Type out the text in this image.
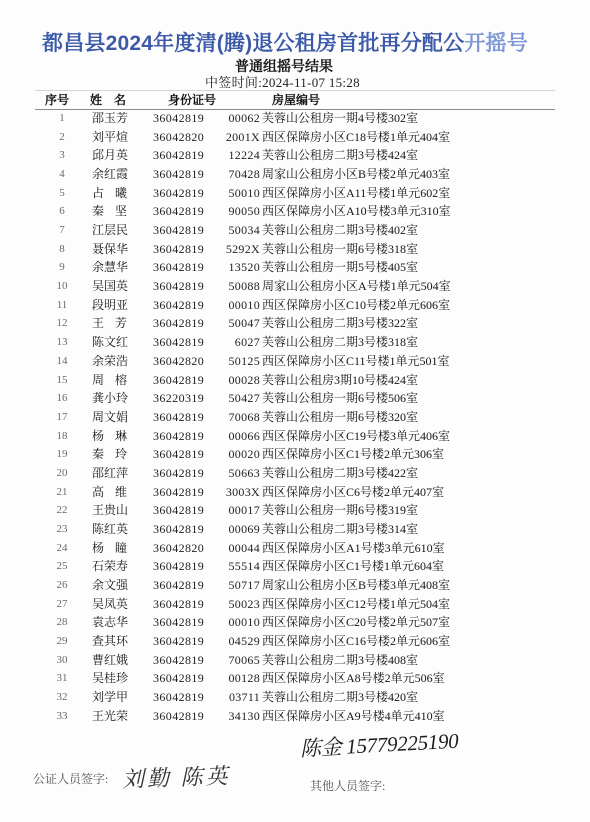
都昌县2024年度清(腾)退公租房首批再分配公开摇号
普通组摇号结果
中签时间:2024-11-07 15:28
序号 姓 名	身份证号	房屋编号
1	邵玉芳 36042819	00062 芙蓉山公租房一期4号楼302室
2	刘平煊 36042820	2001X 西区保障房小区C18号楼1单元404室
3	邱月英 36042819	12224 芙蓉山公租房二期3号楼424室
4	余红霞 36042819	70428 周家山公租房小区B号楼2单元403室
5	占 曦 36042819	50010 西区保障房小区A11号楼1单元602室
6	秦 坚 36042819	90050 西区保障房小区A10号楼3单元310室
7	江层民 36042819	50034 芙蓉山公租房二期3号楼402室
8	聂保华 36042819	5292X 芙蓉山公租房一期6号楼318室
9	余慧华 36042819	13520 芙蓉山公租房一期5号楼405室
10	吴国英 36042819	50088 周家山公租房小区A号楼1单元504室
11	段明亚 36042819	00010 西区保障房小区C10号楼2单元606室
12	王 芳 36042819	50047 芙蓉山公租房二期3号楼322室
13	陈文红 36042819	6027 芙蓉山公租房二期3号楼318室
14	余荣浩 36042820	50125 西区保障房小区C11号楼1单元501室
15	周 榕 36042819	00028 芙蓉山公租房3期10号楼424室
16	龚小玲 36220319	50427 芙蓉山公租房一期6号楼506室
17	周文娟 36042819	70068 芙蓉山公租房一期6号楼320室
18	杨 琳 36042819	00066 西区保障房小区C19号楼3单元406室
19	秦 玲 36042819	00020 西区保障房小区C1号楼2单元306室
20	邵红萍 36042819	50663 芙蓉山公租房二期3号楼422室
21	高 维 36042819	3003X 西区保障房小区C6号楼2单元407室
22	王贵山 36042819	00017 芙蓉山公租房一期6号楼319室
23	陈红英 36042819	00069 芙蓉山公租房二期3号楼314室
24	杨 瞳 36042820	00044 西区保障房小区A1号楼3单元610室
25	石荣寿 36042819	55514 西区保障房小区C1号楼1单元604室
26	余文强 36042819	50717 周家山公租房小区B号楼3单元408室
27	吴凤英 36042819	50023 西区保障房小区C12号楼1单元504室
28	袁志华 36042819	00010 西区保障房小区C20号楼2单元507室
29	查其环 36042819	04529 西区保障房小区C16号楼2单元606室
30	曹红娥 36042819	70065 芙蓉山公租房二期3号楼408室
31	吴桂珍 36042819	00128 西区保障房小区A8号楼2单元506室
32	刘学甲 36042819	03711 芙蓉山公租房二期3号楼420室
33	王光荣 36042819	34130 西区保障房小区A9号楼4单元410室
陈金 15779225190
公证人员签字: 刘勤 陈英	其他人员签字:
